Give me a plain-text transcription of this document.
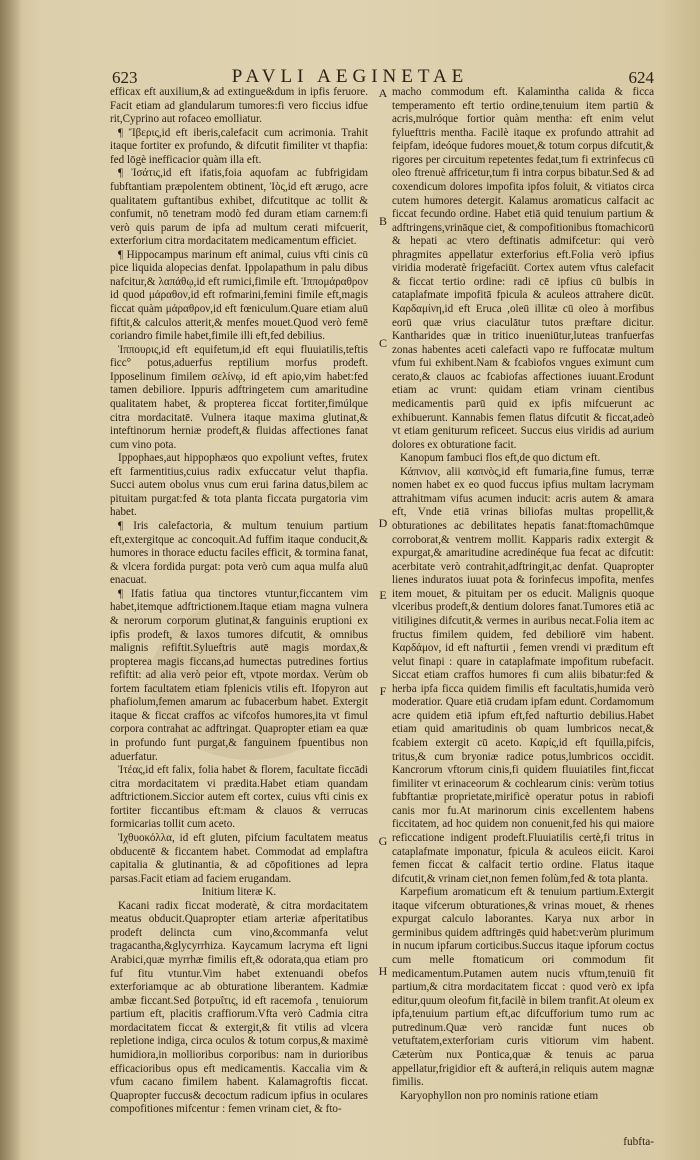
623	PAVLI AEGINETAE	624

efficax eft auxilium,& ad extingue&dum in ipfis feruore. Facit etiam ad glandularum tumores:fi vero ficcius idfue rit,Cyprino aut rofaceo emolliatur.

¶ Ἴβερις,id eft iberis,calefacit cum acrimonia. Trahit itaque fortiter ex profundo, & difcutit fimiliter vt thapfia: fed lōgè inefficacior quàm illa eft.

¶ Ἰσάτις,id eft ifatis,foia aquofam ac fubfrigidam fubftantiam præpolentem obtinent, Ἰὸς,id eft ærugo, acre qualitatem guftantibus exhibet, difcutitque ac tollit & confumit, nō tenetram modò fed duram etiam carnem:fi verò quis parum de ipfa ad multum cerati mifcuerit, exterforium citra mordacitatem medicamentum efficiet.

¶ Hippocampus marinum eft animal, cuius vfti cinis cū pice liquida alopecias denfat. Ippolapathum in palu dibus nafcitur,& λαπάθῳ,id eft rumici,fimile eft. Ἱππομάραθρον id quod μάραθον,id eft rofmarini,femini fimile eft,magis ficcat quàm μάραθρον,id eft fœniculum.Quare etiam aluū fiftit,& calculos atterit,& menfes mouet.Quod verò femē coriandro fimile habet,fimile illi eft,fed debilius.

Ἱππουρις,id eft equifetum,id eft equi fluuiatilis,teftis ficc° potus,aduerfus reptilium morfus prodeft. Ipposelinum fimilem σελίνῳ, id eft apio,vim habet:fed tamen debiliore. Ippuris adftringetem cum amaritudine qualitatem habet, & propterea ficcat fortiter,fimúlque citra mordacitatē. Vulnera itaque maxima glutinat,& inteftinorum herniæ prodeft,& fluidas affectiones fanat cum vino pota.

Ippophaes,aut hippophæos quo expoliunt veftes, frutex eft farmentitius,cuius radix exfuccatur velut thapfia. Succi autem obolus vnus cum erui farina datus,bilem ac pituitam purgat:fed & tota planta ficcata purgatoria vim habet.

¶ Iris calefactoria, & multum tenuium partium eft,extergitque ac concoquit.Ad fuffim itaque conducit,& humores in thorace eductu faciles efficit, & tormina fanat, & vlcera fordida purgat: pota verò cum aqua mulfa aluū enacuat.

¶ Ifatis fatiua qua tinctores vtuntur,ficcantem vim habet,itemque adftrictionem.Itaque etiam magna vulnera & nerorum corporum glutinat,& fanguinis eruptioni ex ipfis prodeft, & laxos tumores difcutit, & omnibus malignis refiftit.Sylueftris autē magis mordax,& propterea magis ficcans,ad humectas putredines fortius refiftit: ad alia verò peior eft, vtpote mordax. Verùm ob fortem facultatem etiam fplenicis vtilis eft. Ifopyron aut phafiolum,femen amarum ac fubacerbum habet. Extergit itaque & ficcat craffos ac vifcofos humores,ita vt fimul corpora contrahat ac adftringat. Quapropter etiam ea quæ in profundo funt purgat,& fanguinem fpuentibus non aduerfatur.

Ἰτέας,id eft falix, folia habet & florem, facultate ficcādi citra mordacitatem vi prædita.Habet etiam quandam adftrictionem.Siccior autem eft cortex, cuius vfti cinis ex fortiter ficcantibus eft:mam & clauos & verrucas formicarias tollit cum aceto.

Ἰχθυοκόλλα, id eft gluten, pifcium facultatem meatus obducentē & ficcantem habet. Commodat ad emplaftra capitalia & glutinantia, & ad cōpofitiones ad lepra parsas.Facit etiam ad faciem erugandam.

Initium literæ K.

Kacani radix ficcat moderatè, & citra mordacitatem meatus obducit.Quapropter etiam arteriæ afperitatibus prodeft delincta cum vino,&commanfa velut tragacantha,&glycyrrhiza. Kaycamum lacryma eft ligni Arabici,quæ myrrhæ fimilis eft,& odorata,qua etiam pro fuf fitu vtuntur.Vim habet extenuandi obefos exterforiamque ac ab obturatione liberantem. Kadmiæ ambæ ficcant.Sed βοτρυΐτις, id eft racemofa , tenuiorum partium eft, placitis craffiorum.Vfta verò Cadmia citra mordacitatem ficcat & extergit,& fit vtilis ad vlcera repletione indiga, circa oculos & totum corpus,& maximè humidiora,in mollioribus corporibus: nam in durioribus efficacioribus opus eft medicamentis. Kaccalia vim & vfum cacano fimilem habent. Kalamagroftis ficcat. Quapropter fuccus& decoctum radicum ipfius in oculares compofitiones mifcentur : femen vrinam ciet, & fto-

macho commodum eft. Kalamintha calida & ficca temperamento eft tertio ordine,tenuium item partiū & acris,mulróque fortior quàm mentha: eft enim velut fyluefttris mentha. Facilè itaque ex profundo attrahit ad feipfam, ideóque fudores mouet,& totum corpus difcutit,& rigores per circuitum repetentes fedat,tum fi extrinfecus cū oleo ftrenuè affricetur,tum fi intra corpus bibatur.Sed & ad coxendicum dolores impofita ipfos foluit, & vitiatos circa cutem humores detergit. Kalamus aromaticus calfacit ac ficcat fecundo ordine. Habet etiā quid tenuium partium & adftringens,vrināque ciet, & compofitionibus ftomachicorū & hepati ac vtero deftinatis admifcetur: qui verò phragmites appellatur exterforius eft.Folia verò ipfius viridia moderatè frigefaciūt. Cortex autem vftus calefacit & ficcat tertio ordine: radi cē ipfius cū bulbis in cataplafmate impofitā fpicula & aculeos attrahere dicūt. Καρδαμίνη,id eft Eruca ,oleū illitæ cū oleo à morfibus eorū quæ vrius ciaculātur tutos præftare dicitur. Kantharides quæ in tritico inueniūtur,luteas tranfuerfas zonas habentes aceti calefacti vapo re fuffocatæ multum vfum fui exhibent.Nam & fcabiofos vngues eximunt cum cerato,& clauos ac fcabiofas affectiones iuuant.Erodunt etiam ac vrunt: quidam etiam vrinam cientibus medicamentis parū quid ex ipfis mifcuerunt ac exhibuerunt. Kannabis femen flatus difcutit & ficcat,adeò vt etiam geniturum reficeet. Succus eius viridis ad aurium dolores ex obturatione facit.

Kanopum fambuci flos eft,de quo dictum eft.

Κάπνιον, alii καπνὸς,id eft fumaria,fine fumus, terræ nomen habet ex eo quod fuccus ipfius multam lacrymam attrahitmam vifus acumen inducit: acris autem & amara eft, Vnde etiā vrinas biliofas multas propellit,& obturationes ac debilitates hepatis fanat:ftomachūmque corroborat,& ventrem mollit. Kapparis radix extergit & expurgat,& amaritudine acredinéque fua fecat ac difcutit: acerbitate verò contrahit,adftringit,ac denfat. Quapropter lienes induratos iuuat pota & forinfecus impofita, menfes item mouet, & pituitam per os educit. Malignis quoque vlceribus prodeft,& dentium dolores fanat.Tumores etiā ac vitiligines difcutit,& vermes in auribus necat.Folia item ac fructus fimilem quidem, fed debiliorē vim habent. Καρδάμον, id eft nafturtii , femen vrendi vi præditum eft velut finapi : quare in cataplafmate impofitum rubefacit. Siccat etiam craffos humores fi cum aliis bibatur:fed & herba ipfa ficca quidem fimilis eft facultatis,humida verò moderatior. Quare etiā crudam ipfam edunt. Cordamomum acre quidem etiā ipfum eft,fed nafturtio debilius.Habet etiam quid amaritudinis ob quam lumbricos necat,& fcabiem extergit cū aceto. Καρίς,id eft fquilla,pifcis, tritus,& cum bryoniæ radice potus,lumbricos occidit. Kancrorum vftorum cinis,fi quidem fluuiatiles fint,ficcat fimiliter vt erinaceorum & cochlearum cinis: verùm totius fubftantiæ proprietate,mirificè operatur potus in rabiofi canis mor fu.At marinorum cinis excellentem habens ficcitatem, ad hoc quidem non conuenit,fed his qui maiore reficcatione indigent prodeft.Fluuiatilis certè,fi tritus in cataplafmate imponatur, fpicula & aculeos eiicit. Karoi femen ficcat & calfacit tertio ordine. Flatus itaque difcutit,& vrinam ciet,non femen folùm,fed & tota planta.

Karpefium aromaticum eft & tenuium partium.Extergit itaque vifcerum obturationes,& vrinas mouet, & rhenes expurgat calculo laborantes. Karya nux arbor in germinibus quidem adftringēs quid habet:verùm plurimum in nucum ipfarum corticibus.Succus itaque ipforum coctus cum melle ftomaticum ori commodum fit medicamentum.Putamen autem nucis vftum,tenuiū fit partium,& citra mordacitatem ficcat : quod verò ex ipfa editur,quum oleofum fit,facilè in bilem tranfit.At oleum ex ipfa,tenuium partium eft,ac difcufforium tumo rum ac putredinum.Quæ verò rancidæ funt nuces ob vetuftatem,exterforiam curis vitiorum vim habent. Cæterùm nux Pontica,quæ & tenuis ac parua appellatur,frigidior eft & aufterá,in reliquis autem magnæ fimilis.

Karyophyllon non pro nominis ratione etiam

A
B
C
D
E
F
G
H
fubfta-
